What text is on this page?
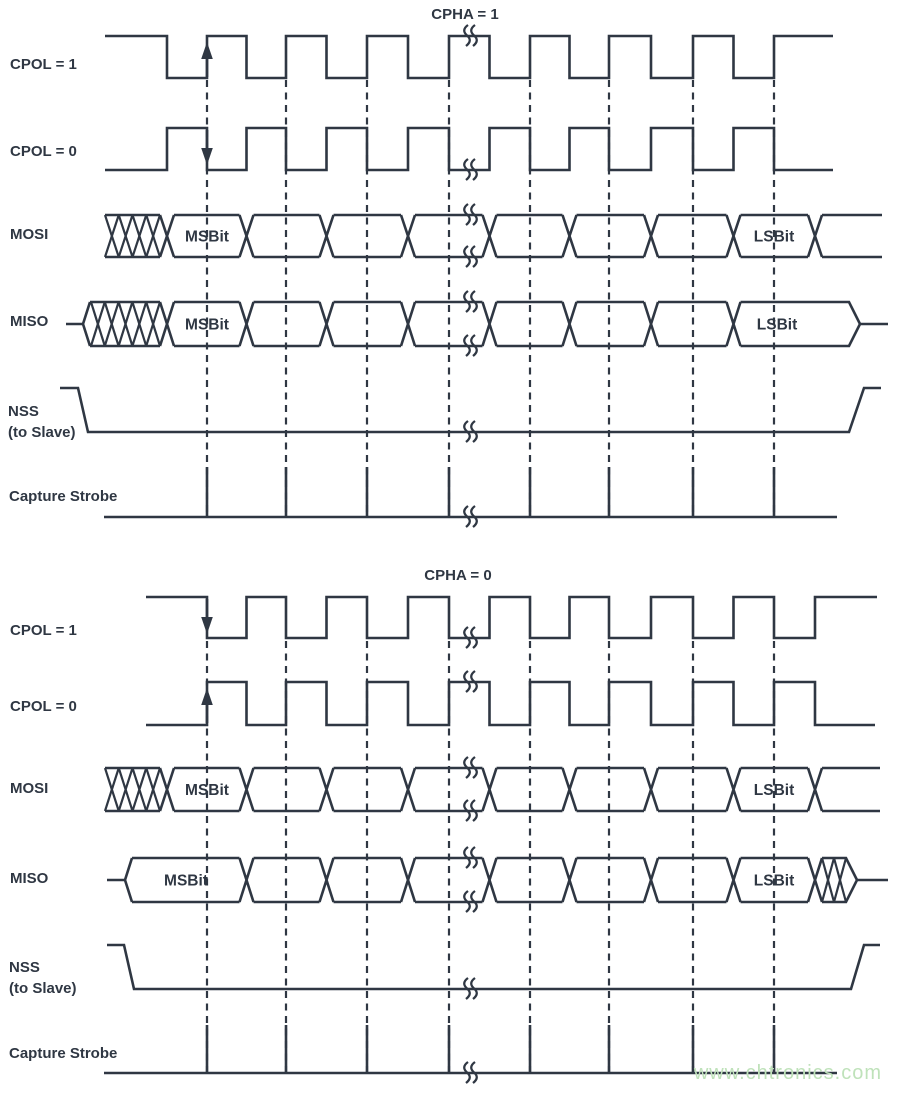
MSBit	LSBit
MSBit	LSBit
MSBit	LSBit
MSBit	LSBit
CPHA = 1
CPHA = 0
CPOL = 1
CPOL = 0
MOSI
MISO
NSS
(to Slave)
Capture Strobe
CPOL = 1
CPOL = 0
MOSI
MISO
NSS
(to Slave)
Capture Strobe
www.chtronics.com
